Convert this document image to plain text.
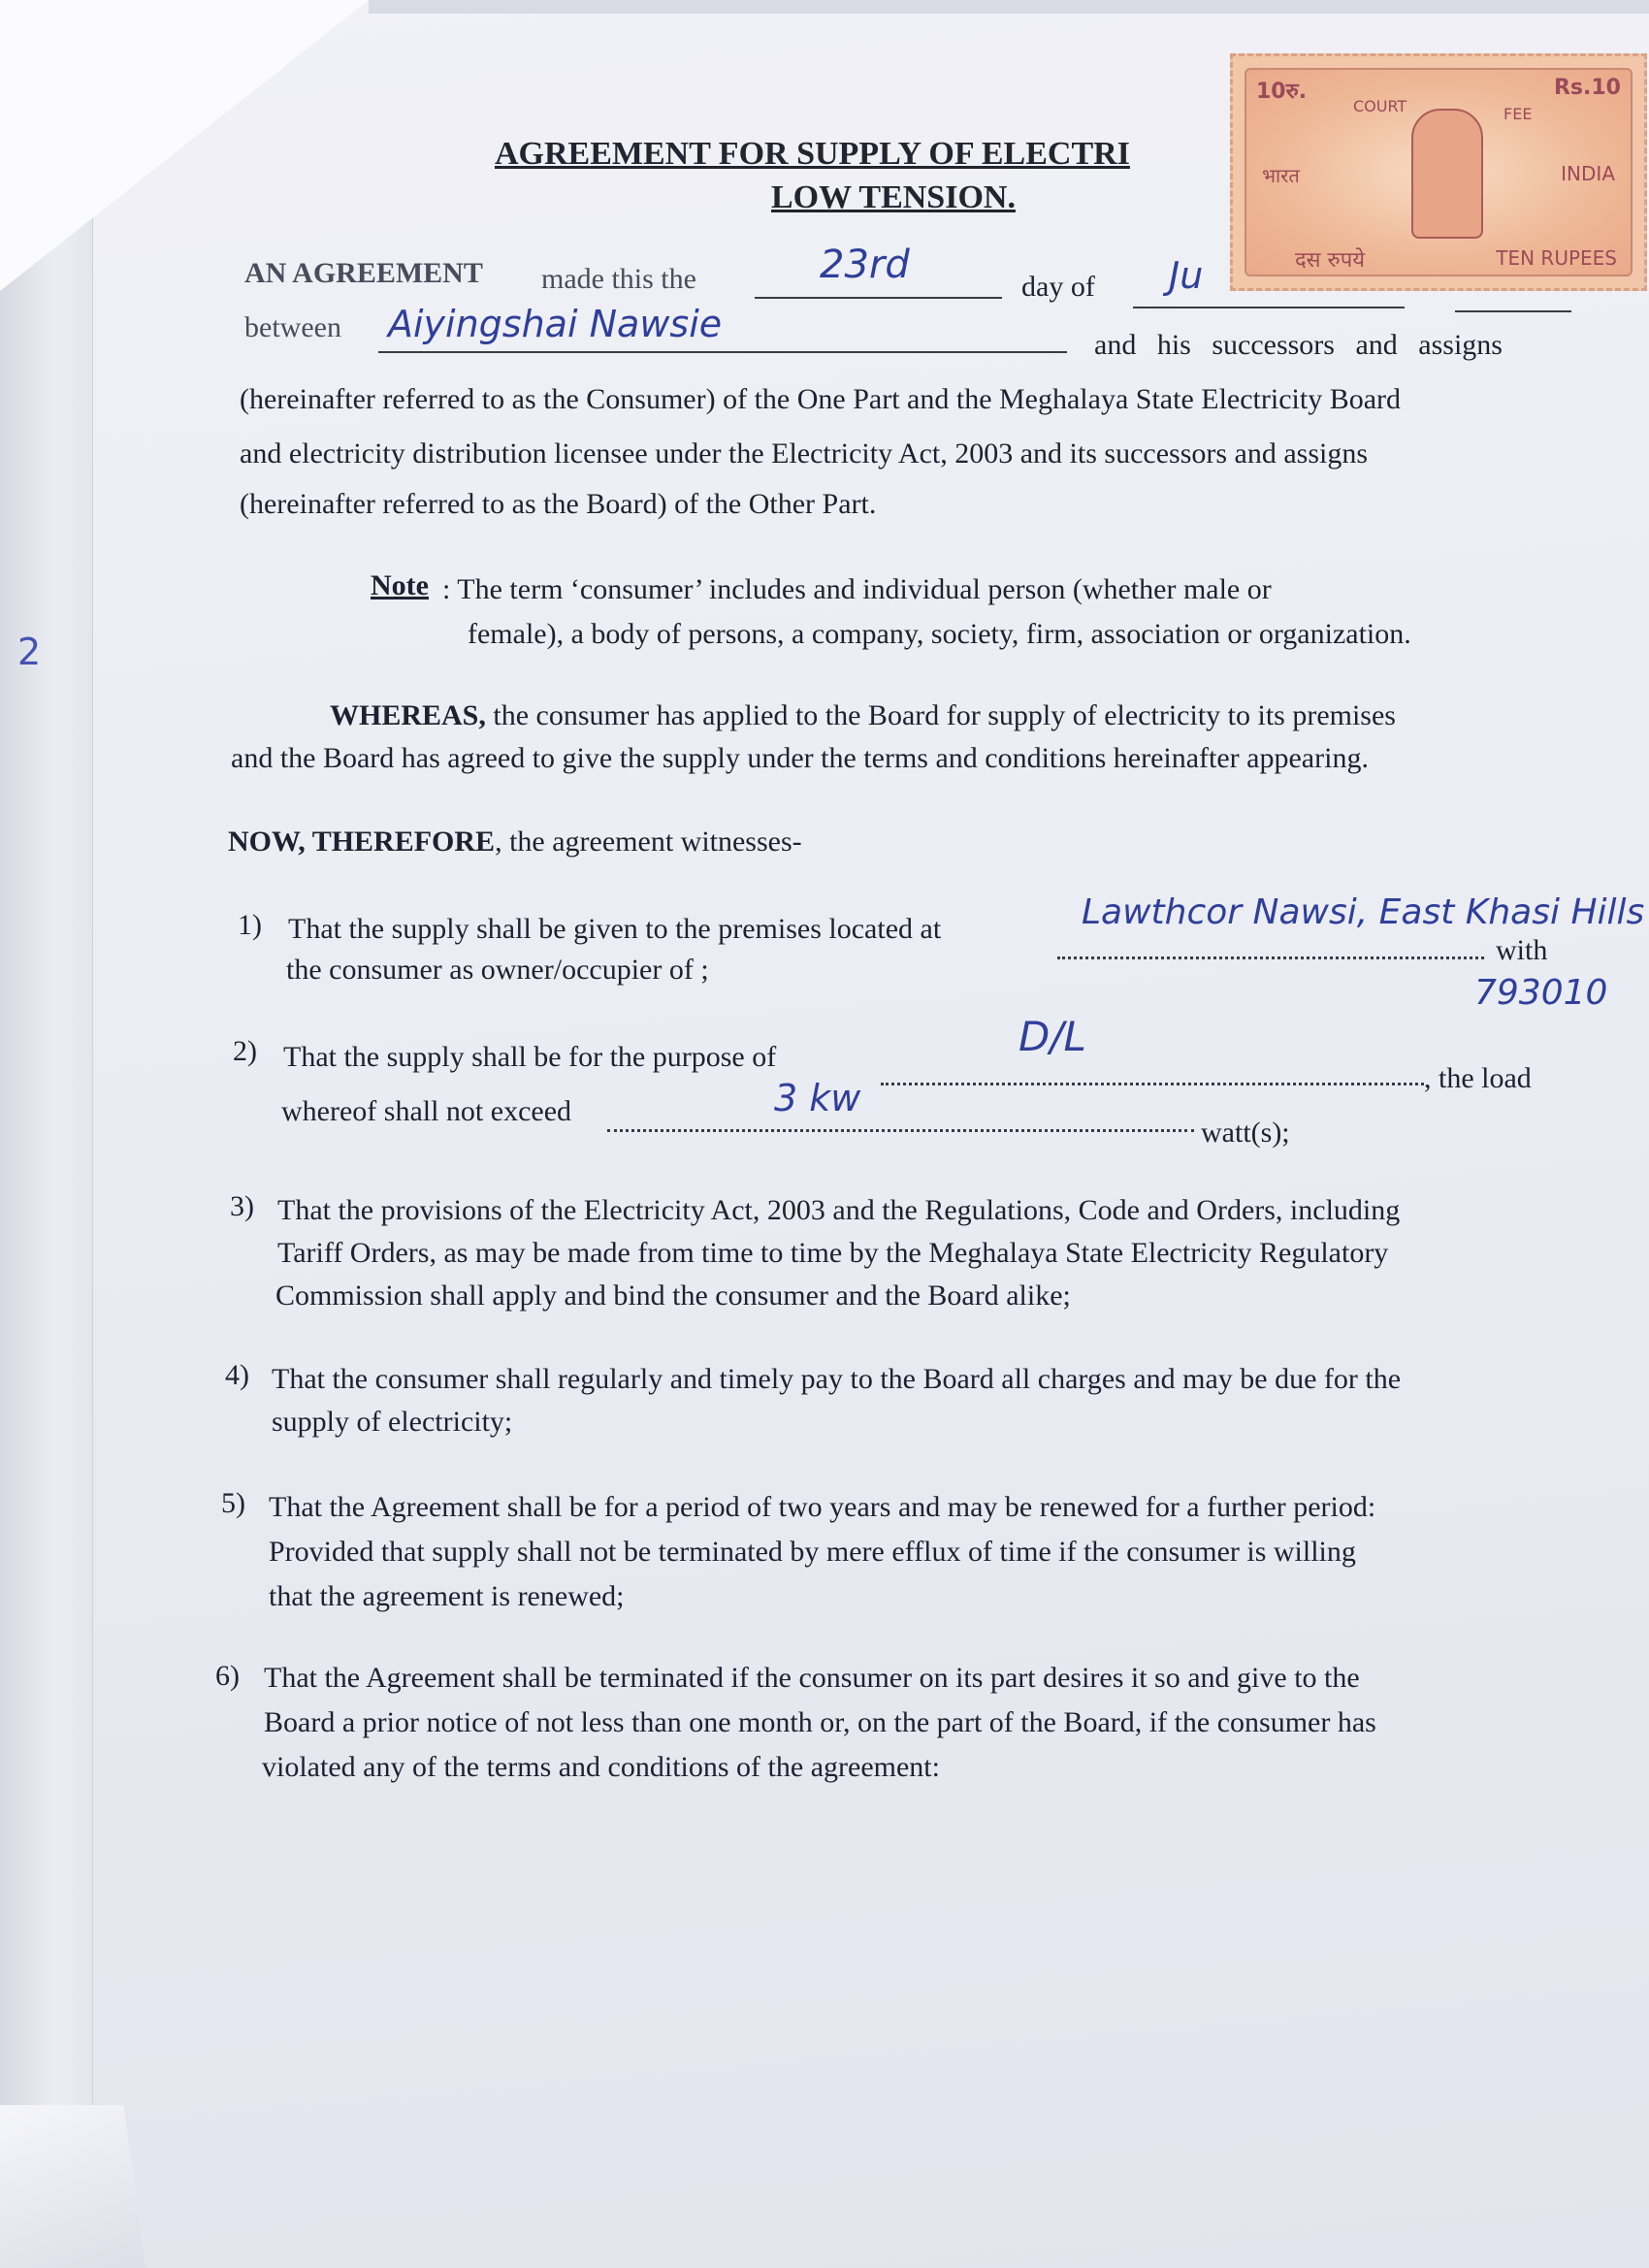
2
10रु.	Rs.10
COURT	FEE
भारत	INDIA
दस रुपये	TEN RUPEES
AGREEMENT FOR SUPPLY OF ELECTRI
LOW TENSION.
AN AGREEMENT made this the	23rd	day of Ju
between Aiyingshai Nawsie	and his successors and assigns
(hereinafter referred to as the Consumer) of the One Part and the Meghalaya State Electricity Board
and electricity distribution licensee under the Electricity Act, 2003 and its successors and assigns
(hereinafter referred to as the Board) of the Other Part.
Note : The term ‘consumer’ includes and individual person (whether male or
female), a body of persons, a company, society, firm, association or organization.
WHEREAS, the consumer has applied to the Board for supply of electricity to its premises
and the Board has agreed to give the supply under the terms and conditions hereinafter appearing.
NOW, THEREFORE, the agreement witnesses-
1) That the supply shall be given to the premises located at	Lawthcor Nawsi, East Khasi Hills
with
the consumer as owner/occupier of ;
793010
2) That the supply shall be for the purpose of	D/L
, the load
whereof shall not exceed	3 kw
watt(s);
3) That the provisions of the Electricity Act, 2003 and the Regulations, Code and Orders, including
Tariff Orders, as may be made from time to time by the Meghalaya State Electricity Regulatory
Commission shall apply and bind the consumer and the Board alike;
4) That the consumer shall regularly and timely pay to the Board all charges and may be due for the
supply of electricity;
5) That the Agreement shall be for a period of two years and may be renewed for a further period:
Provided that supply shall not be terminated by mere efflux of time if the consumer is willing
that the agreement is renewed;
6) That the Agreement shall be terminated if the consumer on its part desires it so and give to the
Board a prior notice of not less than one month or, on the part of the Board, if the consumer has
violated any of the terms and conditions of the agreement:
